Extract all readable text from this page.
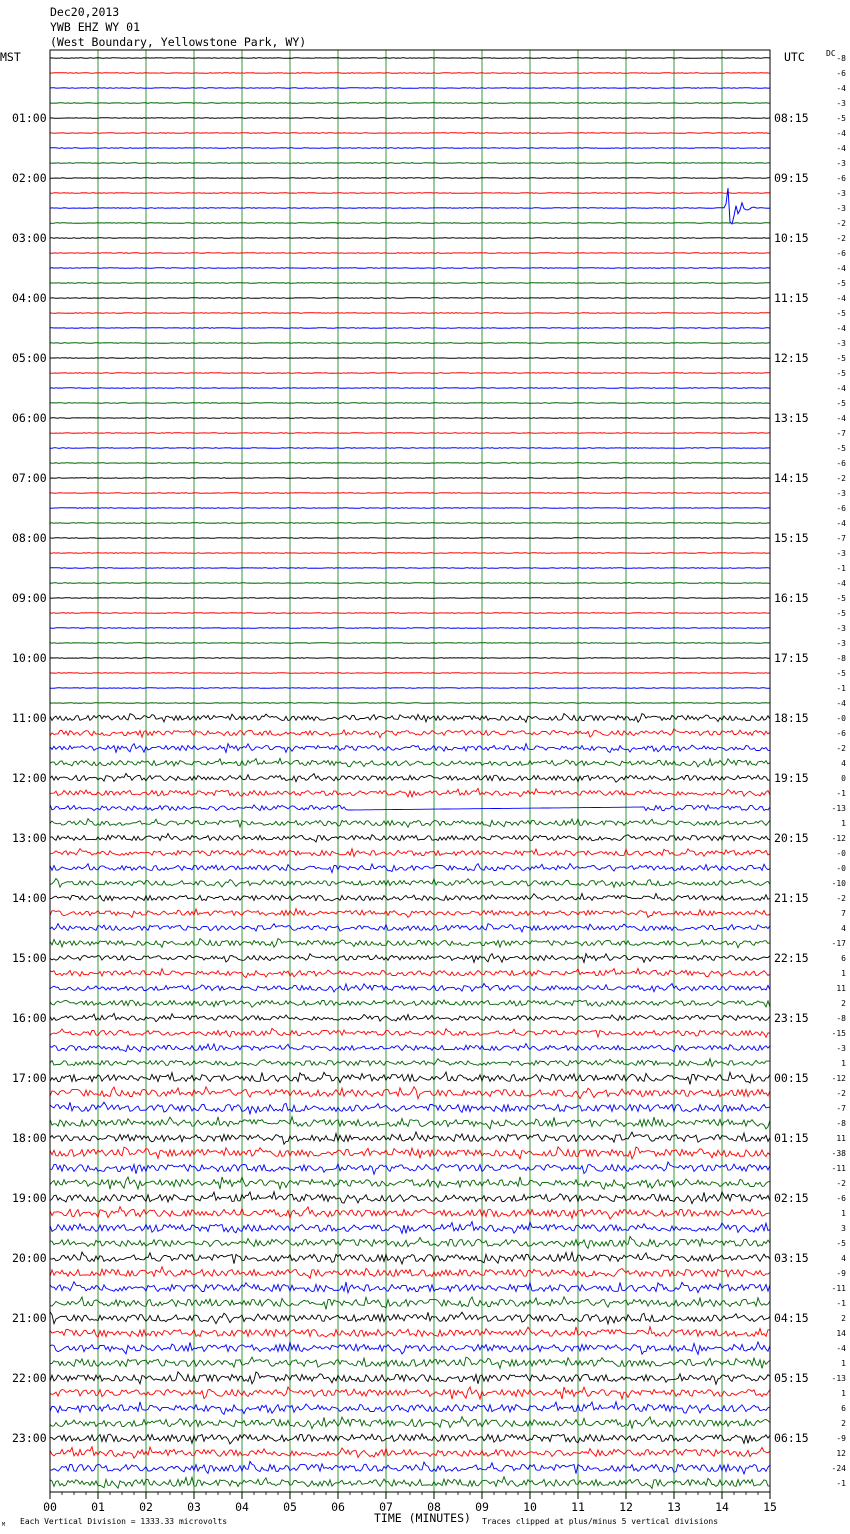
Dec20,2013
YWB EHZ WY 01
(West Boundary, Yellowstone Park, WY)
MST	UTC	DC
01:00
02:00
03:00
04:00
05:00
06:00
07:00
08:00
09:00
10:00
11:00
12:00
13:00
14:00
15:00
16:00
17:00
18:00
19:00
20:00
21:00
22:00
23:00
08:15
09:15
10:15
11:15
12:15
13:15
14:15
15:15
16:15
17:15
18:15
19:15
20:15
21:15
22:15
23:15
00:15
01:15
02:15
03:15
04:15
05:15
06:15
-8
-6
-4
-3
-5
-4
-4
-3
-6
-3
-3
-2
-2
-6
-4
-5
-4
-5
-4
-3
-5
-5
-4
-5
-4
-7
-5
-6
-2
-3
-6
-4
-7
-3
-1
-4
-5
-5
-3
-3
-8
-5
-1
-4
-0
-6
-2
4
0
-1
-13
1
-12
-0
-0
-10
-2
7
4
-17
6
1
11
2
-8
-15
-3
1
-12
-2
-7
-8
11
-38
-11
-2
-6
1
3
-5
4
-9
-11
-1
2
14
-4
1
-13
1
6
2
-9
12
-24
-1
00	01	02	03	04	05	06	07	08	09	10	11	12	13	14	15
TIME (MINUTES)
Each Vertical Division = 1333.33 microvolts	Traces clipped at plus/minus 5 vertical divisions
M
